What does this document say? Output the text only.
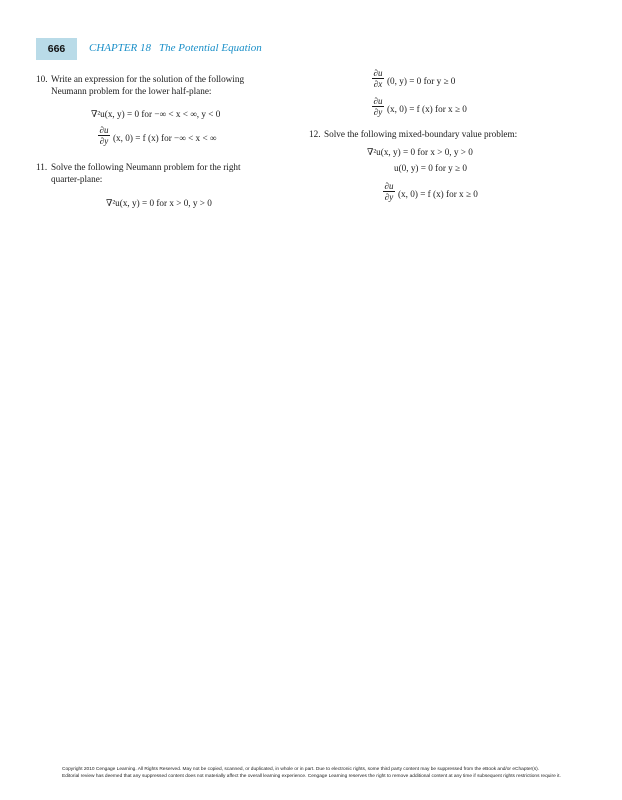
666	CHAPTER 18 The Potential Equation
10. Write an expression for the solution of the following
Neumann problem for the lower half-plane:
∇²u(x, y) = 0 for −∞ < x < ∞, y < 0
∂u
∂y (x, 0) = f (x) for −∞ < x < ∞
11. Solve the following Neumann problem for the right
quarter-plane:
∇²u(x, y) = 0 for x > 0, y > 0
∂u
∂x (0, y) = 0 for y ≥ 0
∂u
∂y (x, 0) = f (x) for x ≥ 0
12. Solve the following mixed-boundary value problem:
∇²u(x, y) = 0 for x > 0, y > 0
u(0, y) = 0 for y ≥ 0
∂u
∂y (x, 0) = f (x) for x ≥ 0
Copyright 2010 Cengage Learning. All Rights Reserved. May not be copied, scanned, or duplicated, in whole or in part. Due to electronic rights, some third party content may be suppressed from the eBook and/or eChapter(s).
Editorial review has deemed that any suppressed content does not materially affect the overall learning experience. Cengage Learning reserves the right to remove additional content at any time if subsequent rights restrictions require it.
